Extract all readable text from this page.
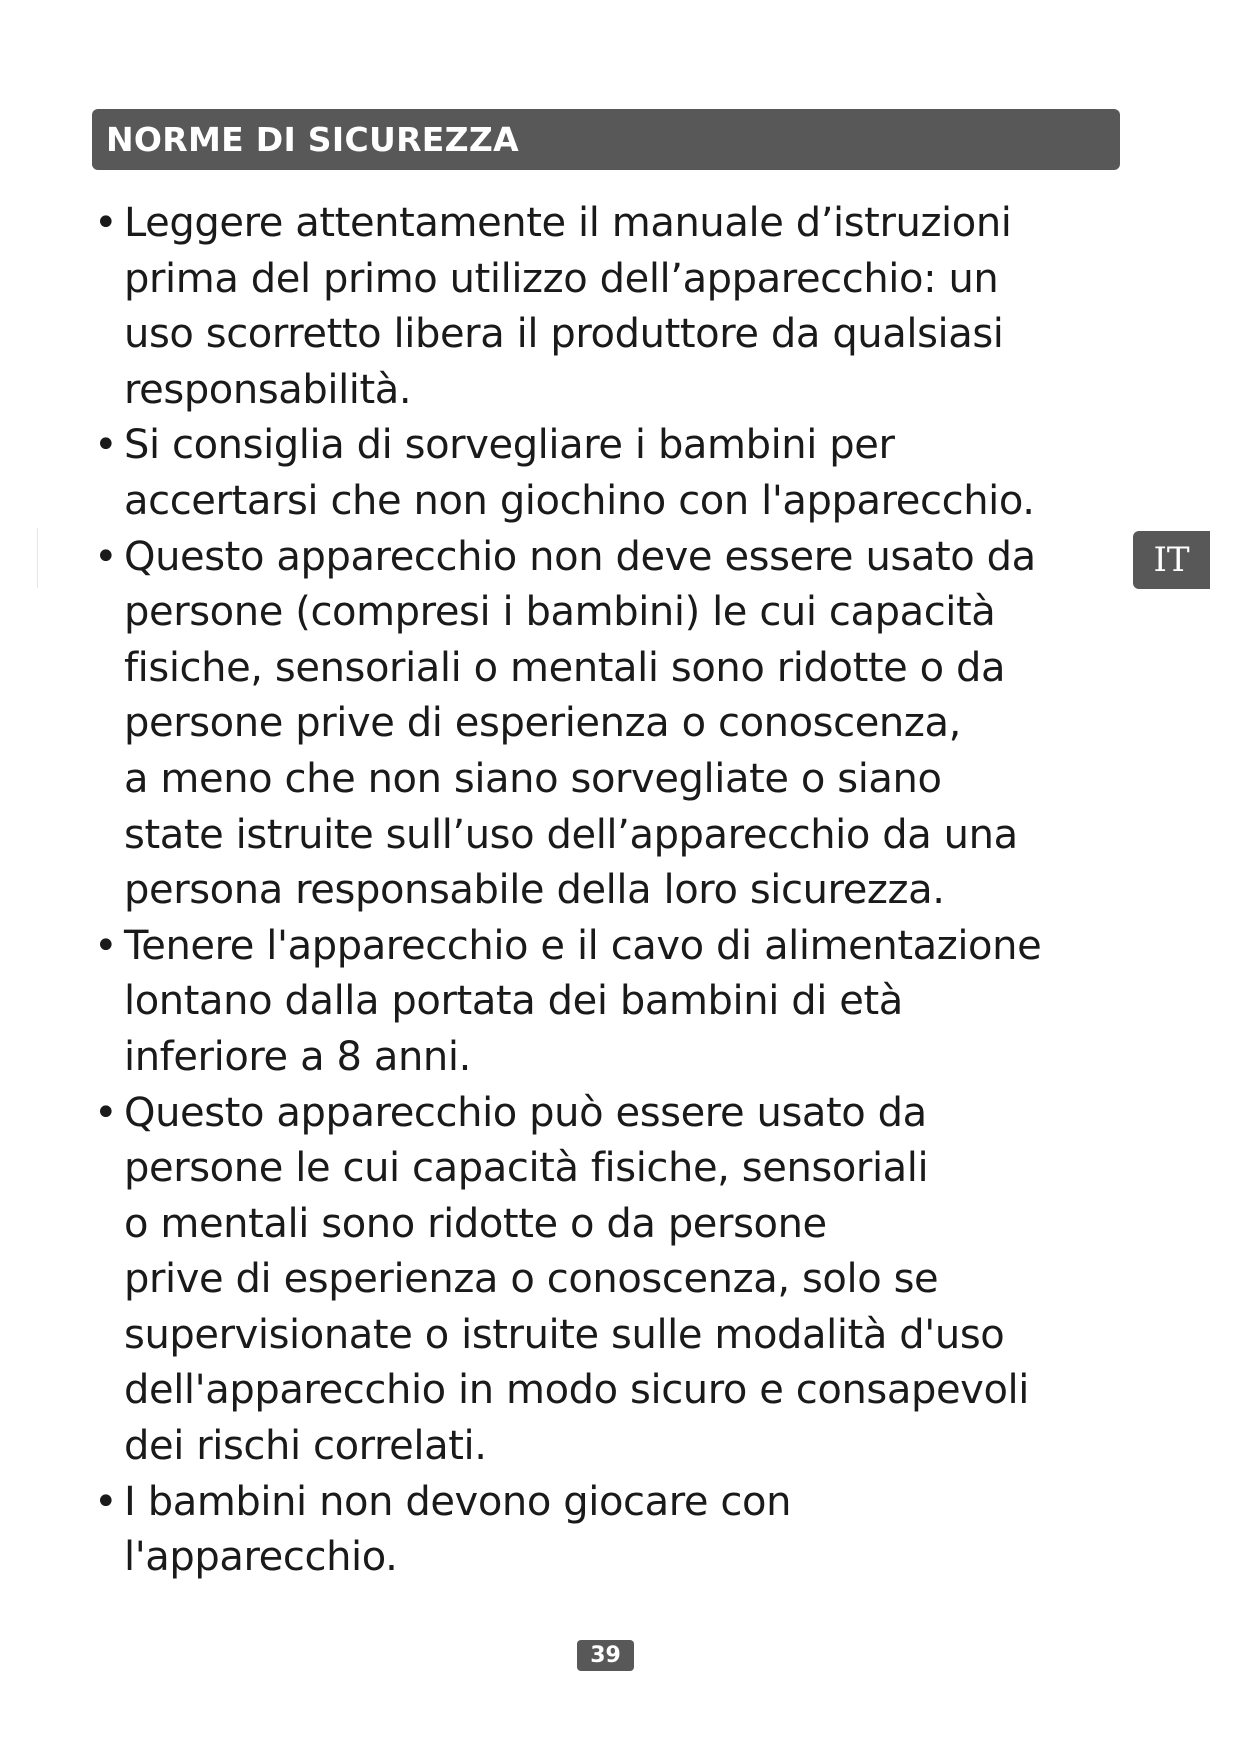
NORME DI SICUREZZA
• Leggere attentamente il manuale d’istruzioni
prima del primo utilizzo dell’apparecchio: un
uso scorretto libera il produttore da qualsiasi
responsabilità.
• Si consiglia di sorvegliare i bambini per
accertarsi che non giochino con l'apparecchio.
• Questo apparecchio non deve essere usato da
persone (compresi i bambini) le cui capacità
fisiche, sensoriali o mentali sono ridotte o da
persone prive di esperienza o conoscenza,
a meno che non siano sorvegliate o siano
state istruite sull’uso dell’apparecchio da una
persona responsabile della loro sicurezza.
• Tenere l'apparecchio e il cavo di alimentazione
lontano dalla portata dei bambini di età
inferiore a 8 anni.
• Questo apparecchio può essere usato da
persone le cui capacità fisiche, sensoriali
o mentali sono ridotte o da persone
prive di esperienza o conoscenza, solo se
supervisionate o istruite sulle modalità d'uso
dell'apparecchio in modo sicuro e consapevoli
dei rischi correlati.
• I bambini non devono giocare con
l'apparecchio.
IT
39
